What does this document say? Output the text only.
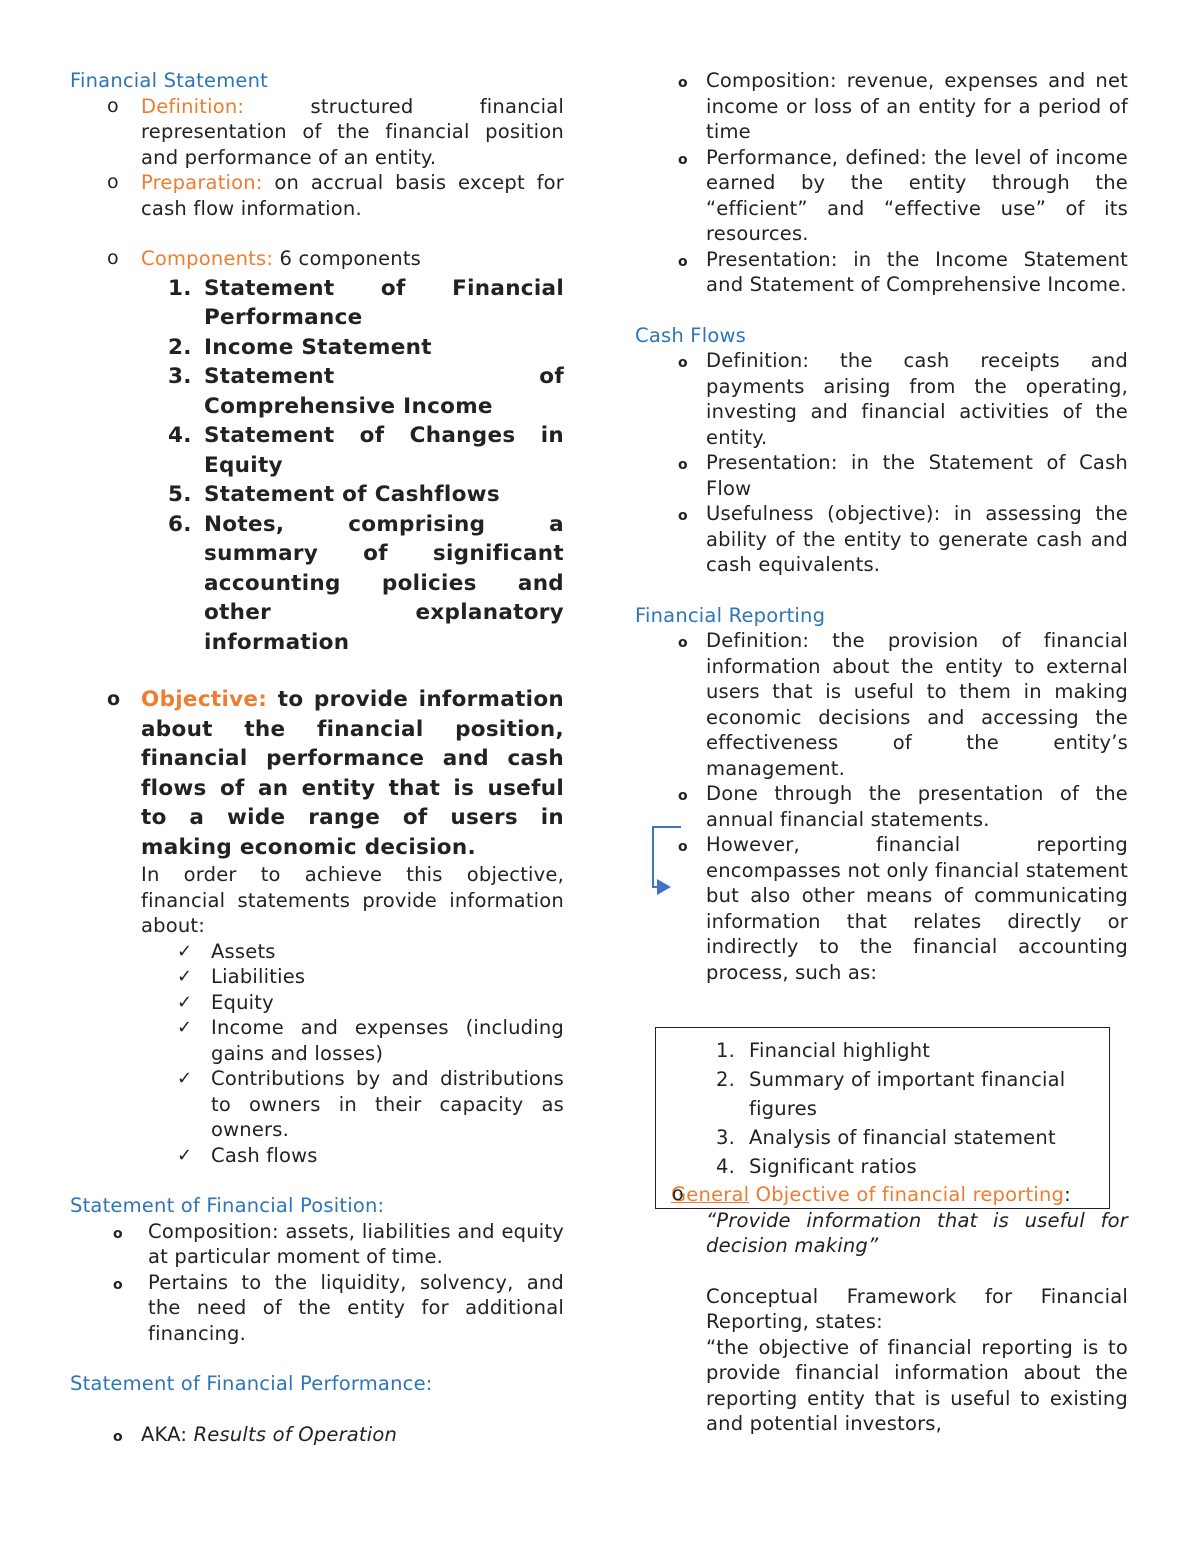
Financial Statement
o Definition:	structured financial representation of the financial position and performance of an entity.
o Preparation: on accrual basis except for cash flow information.
o Components: 6 components
1. Statement of Financial Performance
2. Income Statement
3. Statement of Comprehensive Income
4. Statement of Changes in Equity
5. Statement of Cashflows
6. Notes, comprising a summary of significant accounting policies and other explanatory information
o Objective: to provide information about the financial position, financial performance and cash flows of an entity that is useful to a wide range of users in making economic decision.
In order to achieve this objective, financial statements provide information about:
✓ Assets
✓ Liabilities
✓ Equity
✓ Income and expenses (including gains and losses)
✓ Contributions by and distributions to owners in their capacity as owners.
✓ Cash flows
Statement of Financial Position:
o Composition: assets, liabilities and equity at particular moment of time.
o Pertains to the liquidity, solvency, and the need of the entity for additional financing.
Statement of Financial Performance:
o AKA: Results of Operation
o Composition: revenue, expenses and net income or loss of an entity for a period of time
o Performance, defined: the level of income earned by the entity through the “efficient” and “effective use” of its resources.
o Presentation: in the Income Statement and Statement of Comprehensive Income.
Cash Flows
o Definition: the cash receipts and payments arising from the operating, investing and financial activities of the entity.
o Presentation: in the Statement of Cash Flow
o Usefulness (objective): in assessing the ability of the entity to generate cash and cash equivalents.
Financial Reporting
o Definition: the provision of financial information about the entity to external users that is useful to them in making economic decisions and accessing the effectiveness of the entity’s management.
o Done through the presentation of the annual financial statements.
o However, financial reporting encompasses not only financial statement but also other means of communicating information that relates directly or indirectly to the financial accounting process, such as:
o General Objective of financial reporting:
“Provide information that is useful for decision making”
Conceptual Framework for Financial Reporting, states:
“the objective of financial reporting is to provide financial information about the reporting entity that is useful to existing and potential investors,
1. Financial highlight
2. Summary of important financial figures
3. Analysis of financial statement
4. Significant ratios
